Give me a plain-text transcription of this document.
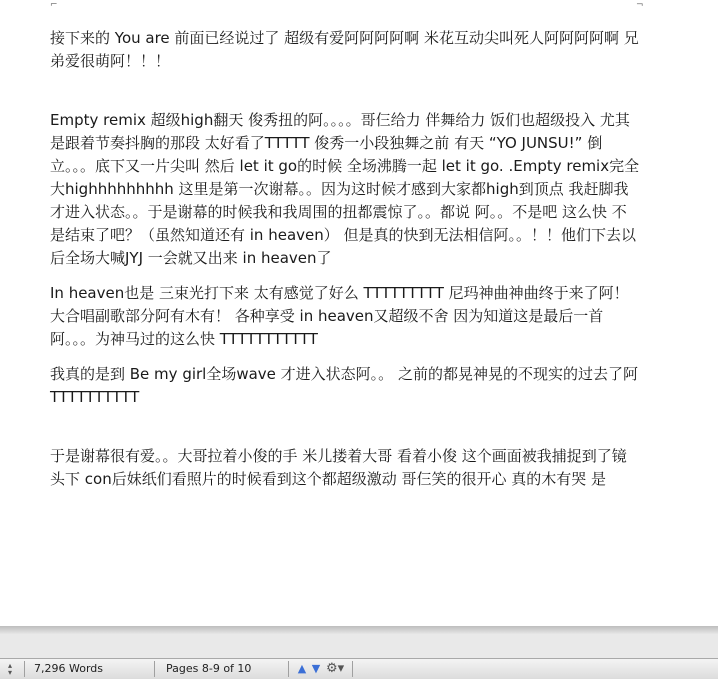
⌐	¬

接下来的 You are 前面已经说过了 超级有爱阿阿阿阿啊 米花互动尖叫死人阿阿阿阿啊 兄弟爱很萌阿！！！

Empty remix 超级high翻天 俊秀扭的阿。。。。哥仨给力 伴舞给力 饭们也超级投入 尤其是跟着节奏抖胸的那段 太好看了TTTTT 俊秀一小段独舞之前 有天 “YO JUNSU!” 倒立。。。底下又一片尖叫 然后 let it go的时候 全场沸腾一起 let it go. .Empty remix完全大highhhhhhhhh 这里是第一次谢幕。。因为这时候才感到大家都high到顶点 我赶脚我才进入状态。。于是谢幕的时候我和我周围的扭都震惊了。。都说 阿。。不是吧 这么快 不是结束了吧？（虽然知道还有 in heaven） 但是真的快到无法相信阿。。！！他们下去以后全场大喊JYJ 一会就又出来 in heaven了

In heaven也是 三束光打下来 太有感觉了好么 TTTTTTTTT 尼玛神曲神曲终于来了阿！大合唱副歌部分阿有木有！ 各种享受 in heaven又超级不舍 因为知道这是最后一首阿。。。为神马过的这么快 TTTTTTTTTTT

我真的是到 Be my girl全场wave 才进入状态阿。。 之前的都晃神晃的不现实的过去了阿 TTTTTTTTTT

于是谢幕很有爱。。大哥拉着小俊的手 米儿搂着大哥 看着小俊 这个画面被我捕捉到了镜头下 con后妹纸们看照片的时候看到这个都超级激动 哥仨笑的很开心 真的木有哭 是

▴
▾	7,296 Words	Pages 8-9 of 10	▲ ▼ ⚙▾
